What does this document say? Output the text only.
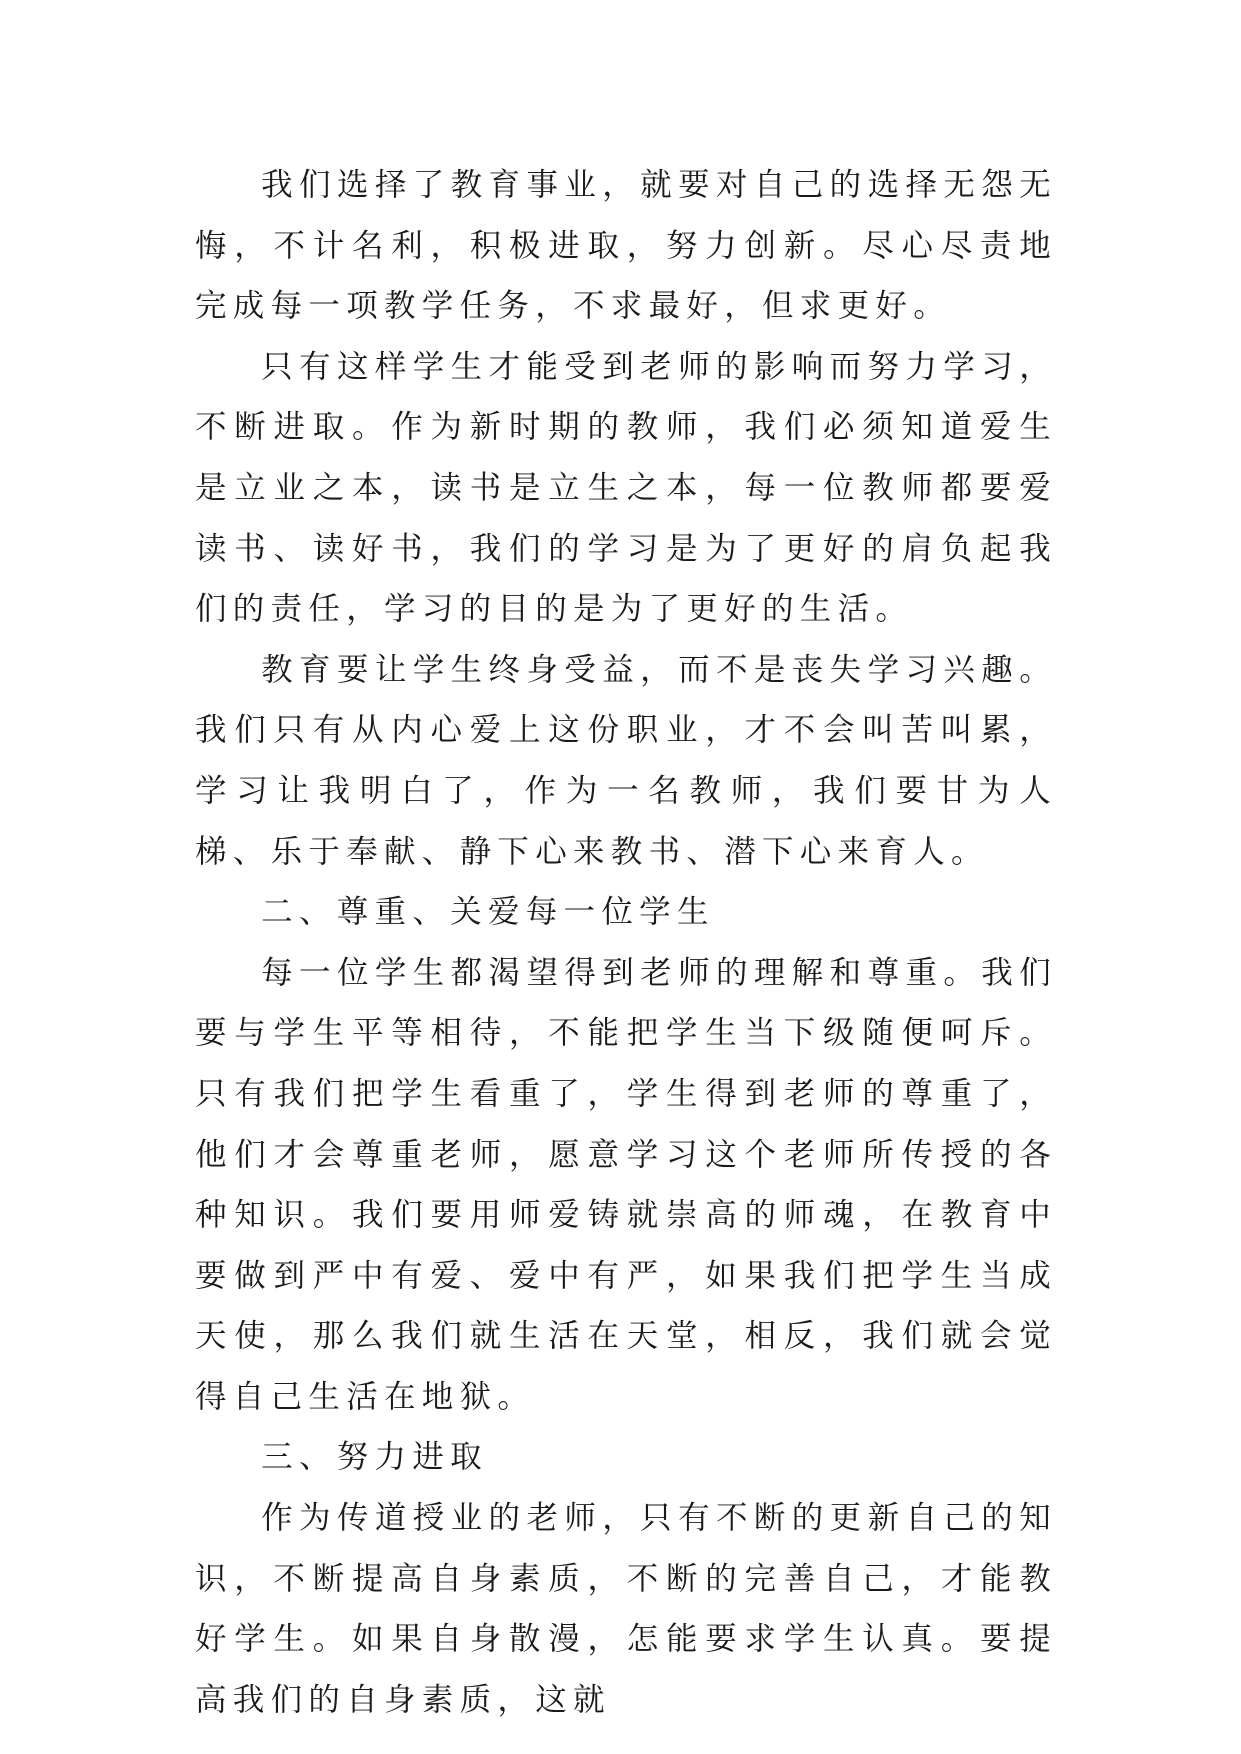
我们选择了教育事业，就要对自己的选择无怨无悔，不计名利，积极进取，努力创新。尽心尽责地完成每一项教学任务，不求最好，但求更好。

只有这样学生才能受到老师的影响而努力学习，不断进取。作为新时期的教师，我们必须知道爱生是立业之本，读书是立生之本，每一位教师都要爱读书、读好书，我们的学习是为了更好的肩负起我们的责任，学习的目的是为了更好的生活。

教育要让学生终身受益，而不是丧失学习兴趣。我们只有从内心爱上这份职业，才不会叫苦叫累，学习让我明白了，作为一名教师，我们要甘为人梯、乐于奉献、静下心来教书、潜下心来育人。

二、尊重、关爱每一位学生

每一位学生都渴望得到老师的理解和尊重。我们要与学生平等相待，不能把学生当下级随便呵斥。只有我们把学生看重了，学生得到老师的尊重了，他们才会尊重老师，愿意学习这个老师所传授的各种知识。我们要用师爱铸就崇高的师魂，在教育中要做到严中有爱、爱中有严，如果我们把学生当成天使，那么我们就生活在天堂，相反，我们就会觉得自己生活在地狱。

三、努力进取

作为传道授业的老师，只有不断的更新自己的知识，不断提高自身素质，不断的完善自己，才能教好学生。如果自身散漫，怎能要求学生认真。要提高我们的自身素质，这就
